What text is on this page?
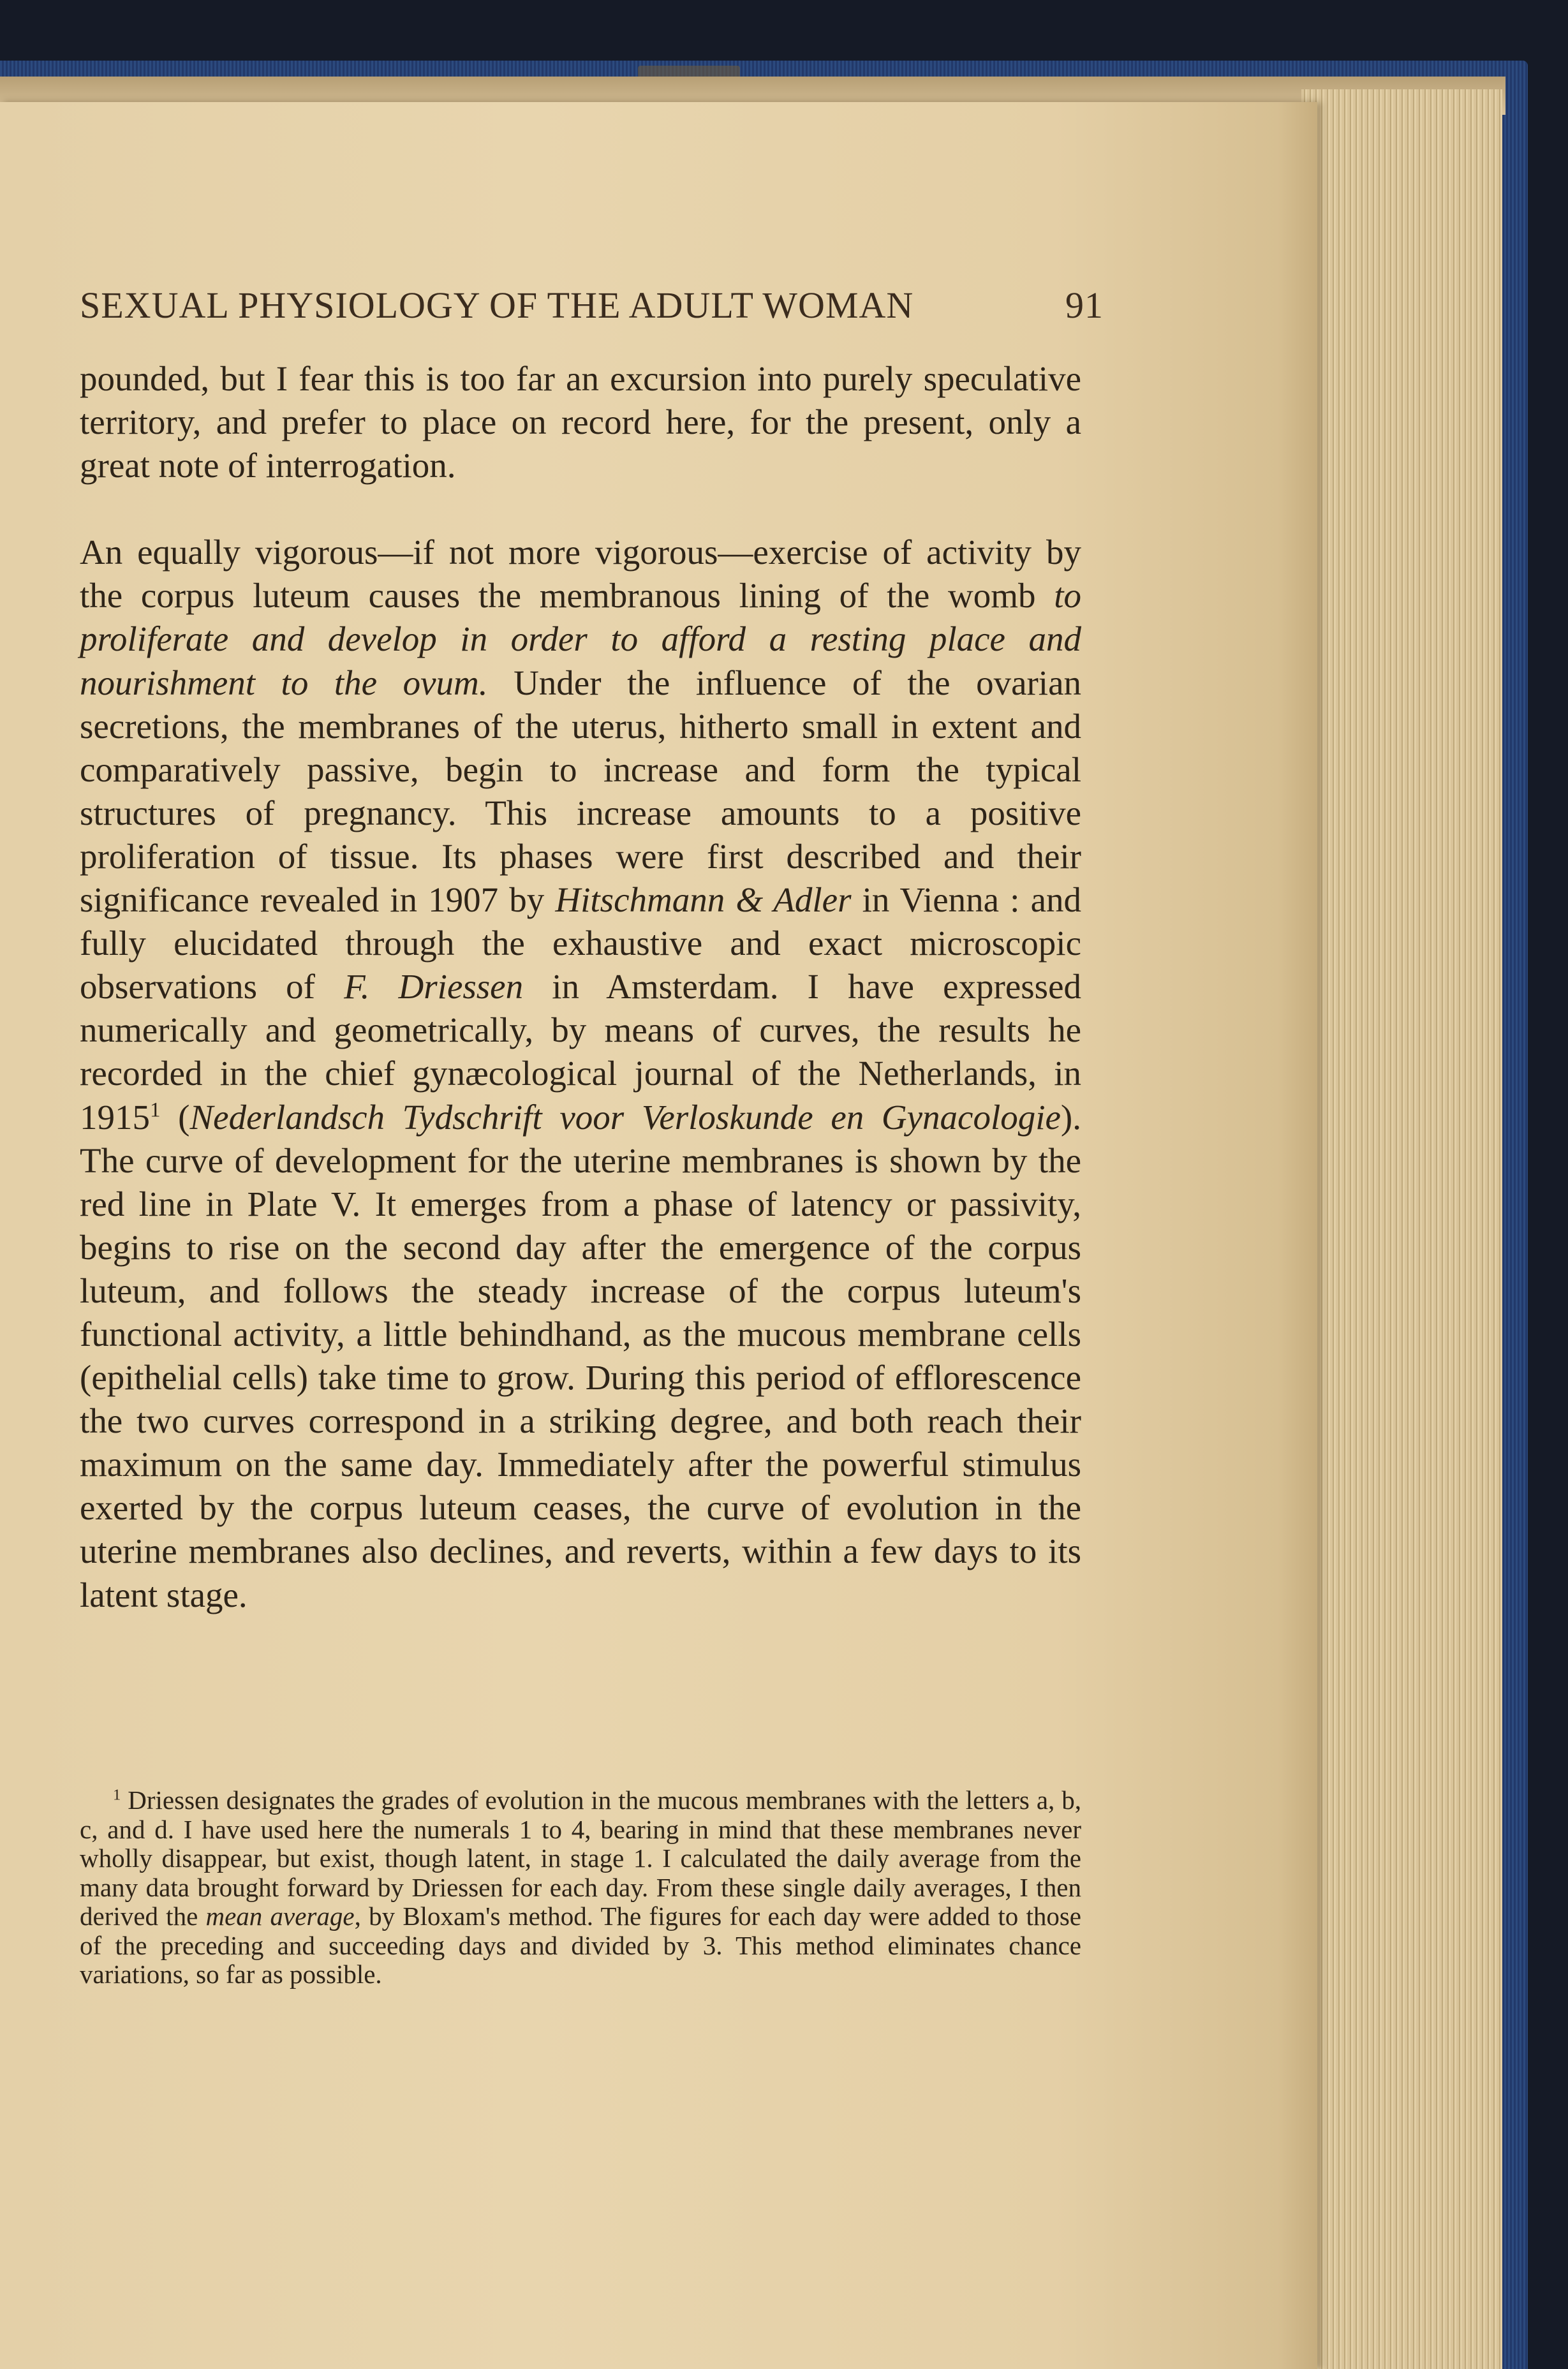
SEXUAL PHYSIOLOGY OF THE ADULT WOMAN	91

pounded, but I fear this is too far an excursion into purely speculative territory, and prefer to place on record here, for the present, only a great note of interrogation.

An equally vigorous—if not more vigorous—exercise of activity by the corpus luteum causes the membranous lining of the womb to proliferate and develop in order to afford a resting place and nourishment to the ovum. Under the influence of the ovarian secretions, the membranes of the uterus, hitherto small in extent and comparatively passive, begin to increase and form the typical structures of pregnancy. This increase amounts to a positive proliferation of tissue. Its phases were first described and their significance revealed in 1907 by Hitschmann & Adler in Vienna : and fully elucidated through the exhaustive and exact microscopic observations of F. Driessen in Amsterdam. I have expressed numerically and geometrically, by means of curves, the results he recorded in the chief gynæcological journal of the Netherlands, in 1915$^1$ (Nederlandsch Tydschrift voor Verloskunde en Gynacologie). The curve of development for the uterine membranes is shown by the red line in Plate V. It emerges from a phase of latency or passivity, begins to rise on the second day after the emergence of the corpus luteum, and follows the steady increase of the corpus luteum's functional activity, a little behindhand, as the mucous membrane cells (epithelial cells) take time to grow. During this period of efflorescence the two curves correspond in a striking degree, and both reach their maximum on the same day. Immediately after the powerful stimulus exerted by the corpus luteum ceases, the curve of evolution in the uterine membranes also declines, and reverts, within a few days to its latent stage.

$^1$ Driessen designates the grades of evolution in the mucous membranes with the letters a, b, c, and d. I have used here the numerals 1 to 4, bearing in mind that these membranes never wholly disappear, but exist, though latent, in stage 1. I calculated the daily average from the many data brought forward by Driessen for each day. From these single daily averages, I then derived the mean average, by Bloxam's method. The figures for each day were added to those of the preceding and succeeding days and divided by 3. This method eliminates chance variations, so far as possible.
